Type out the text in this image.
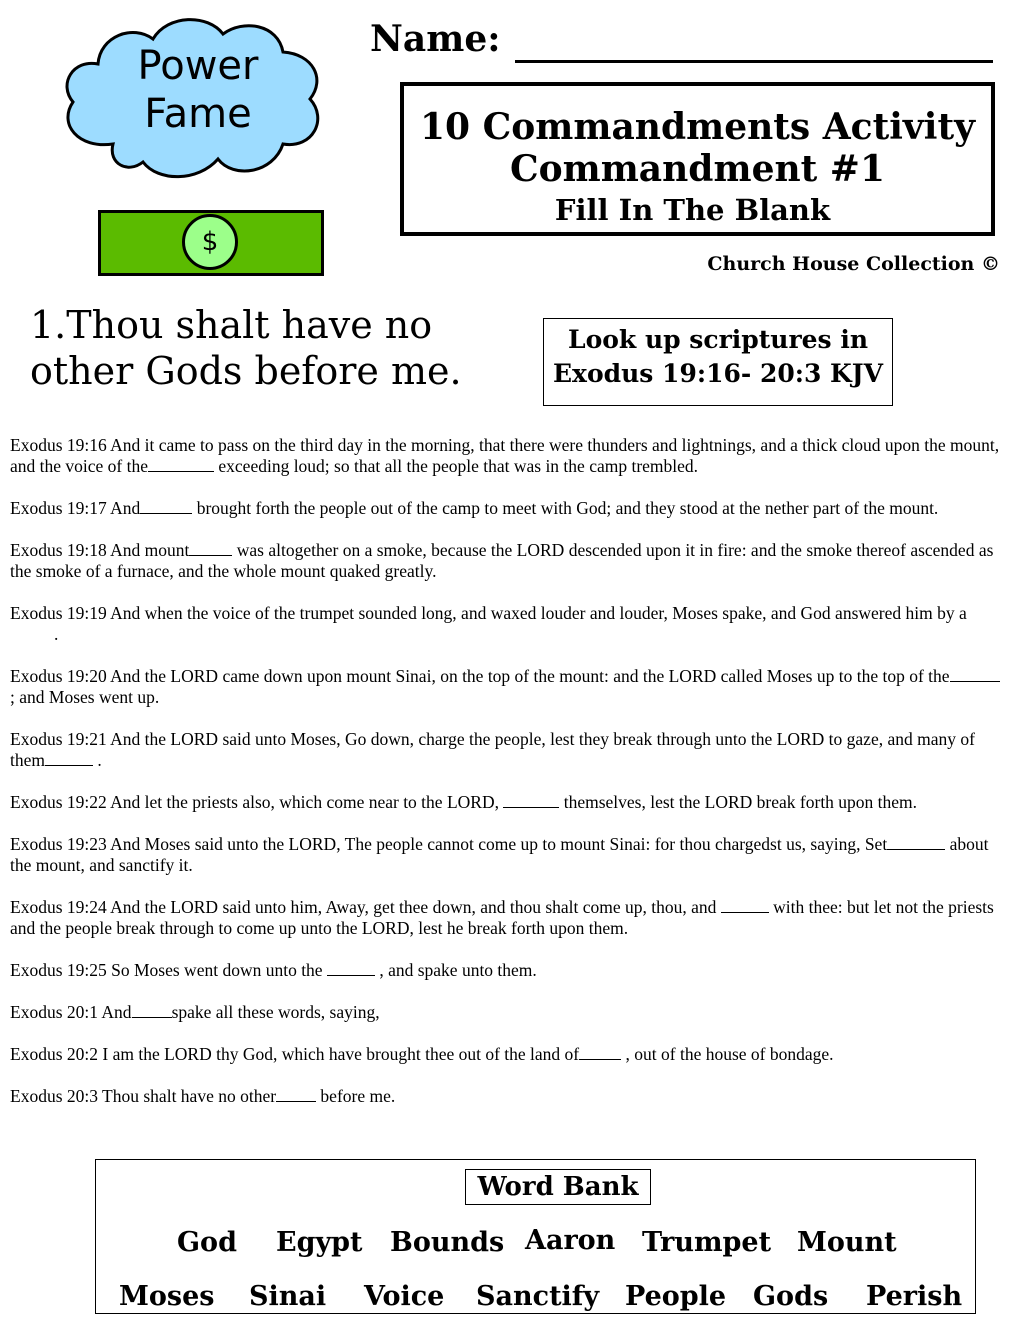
Power
Fame
$
Name:
10 Commandments Activity
Commandment #1
Fill In The Blank
Church House Collection ©
1.Thou shalt have no
other Gods before me.
Look up scriptures in
Exodus 19:16- 20:3 KJV

Exodus 19:16 And it came to pass on the third day in the morning, that there were thunders and lightnings, and a thick cloud upon the mount, and the voice of the	exceeding loud; so that all the people that was in the camp trembled.

Exodus 19:17 And	brought forth the people out of the camp to meet with God; and they stood at the nether part of the mount.

Exodus 19:18 And mount was altogether on a smoke, because the LORD descended upon it in fire: and the smoke thereof ascended as the smoke of a furnace, and the whole mount quaked greatly.

Exodus 19:19 And when the voice of the trumpet sounded long, and waxed louder and louder, Moses spake, and God answered him by a.

Exodus 19:20 And the LORD came down upon mount Sinai, on the top of the mount: and the LORD called Moses up to the top of the ; and Moses went up.

Exodus 19:21 And the LORD said unto Moses, Go down, charge the people, lest they break through unto the LORD to gaze, and many of them	.

Exodus 19:22 And let the priests also, which come near to the LORD,	themselves, lest the LORD break forth upon them.

Exodus 19:23 And Moses said unto the LORD, The people cannot come up to mount Sinai: for thou chargedst us, saying, Set	about the mount, and sanctify it.

Exodus 19:24 And the LORD said unto him, Away, get thee down, and thou shalt come up, thou, and	with thee: but let not the priests and the people break through to come up unto the LORD, lest he break forth upon them.

Exodus 19:25 So Moses went down unto the	, and spake unto them.

Exodus 20:1 And spake all these words, saying,

Exodus 20:2 I am the LORD thy God, which have brought thee out of the land of , out of the house of bondage.

Exodus 20:3 Thou shalt have no other before me.

Word Bank
God Egypt Bounds Aaron Trumpet Mount
Moses Sinai Voice Sanctify People Gods Perish
